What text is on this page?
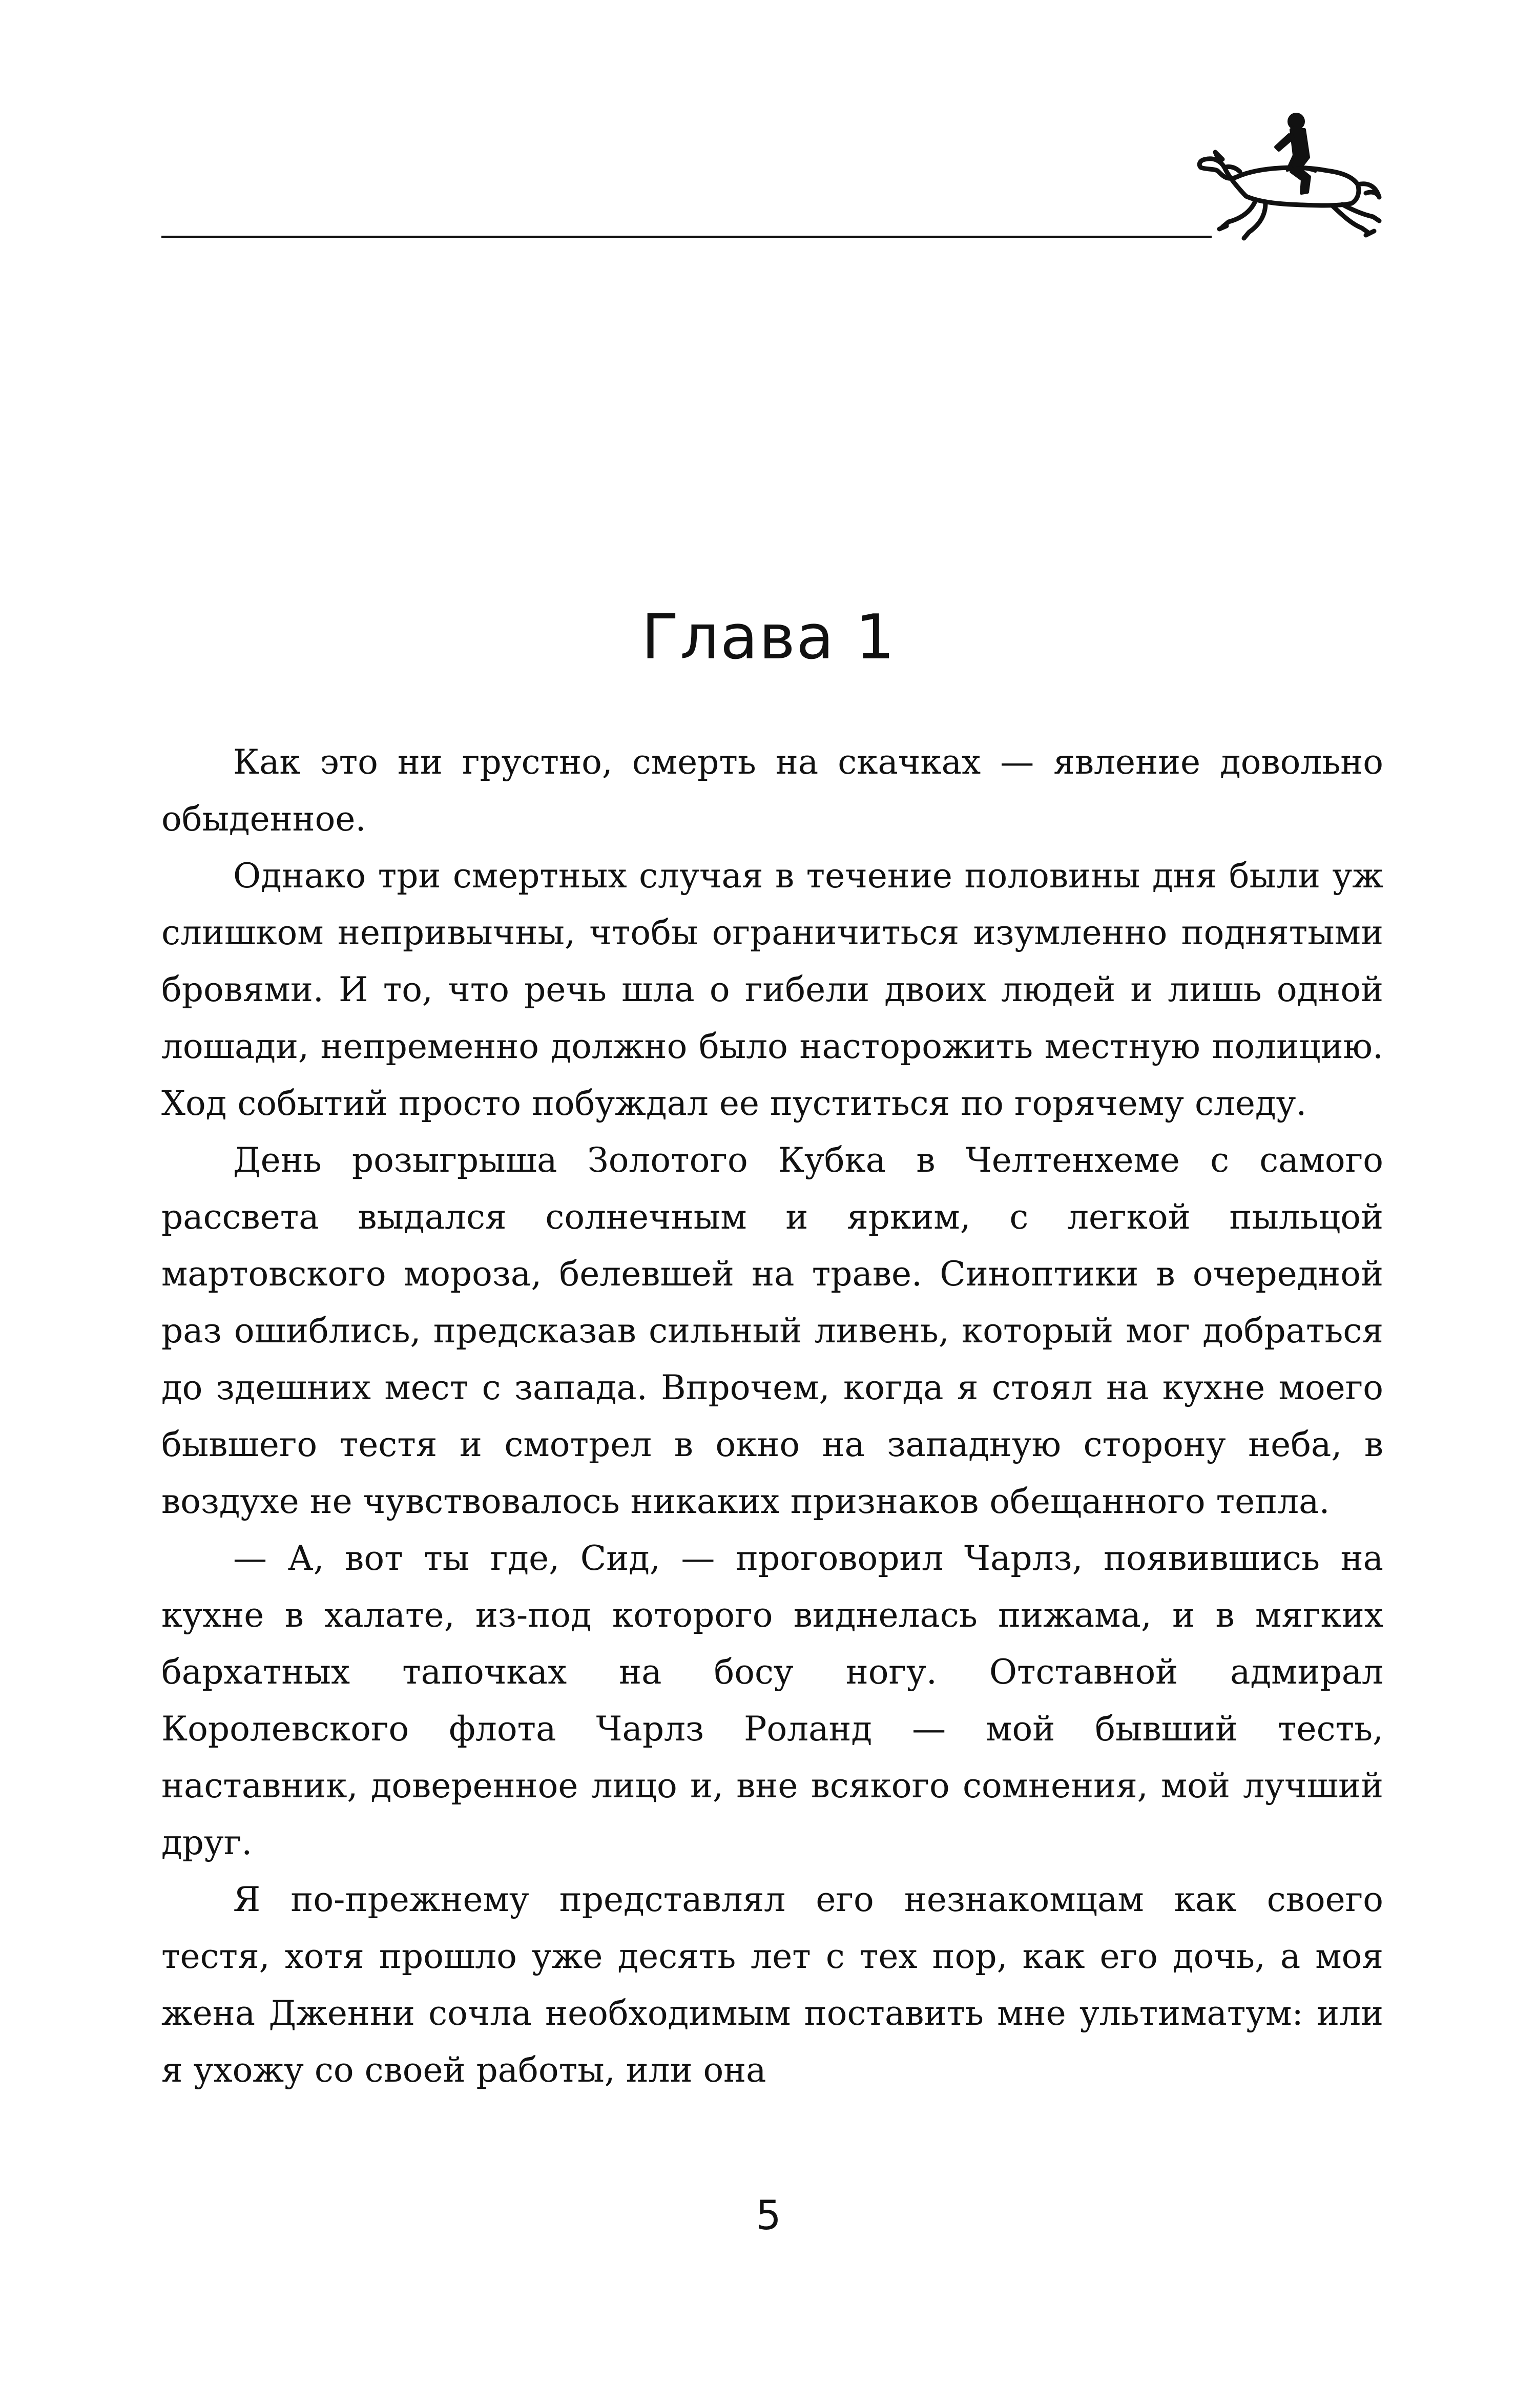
Глава 1

Как это ни грустно, смерть на скачках — явление довольно обыденное.

Однако три смертных случая в течение половины дня были уж слишком непривычны, чтобы ограничиться изумленно поднятыми бровями. И то, что речь шла о гибели двоих людей и лишь одной лошади, непременно должно было насторожить местную полицию. Ход событий просто побуждал ее пуститься по горячему следу.

День розыгрыша Золотого Кубка в Челтенхеме с самого рассвета выдался солнечным и ярким, с легкой пыльцой мартовского мороза, белевшей на траве. Синоптики в очередной раз ошиблись, предсказав сильный ливень, который мог добраться до здешних мест с запада. Впрочем, когда я стоял на кухне моего бывшего тестя и смотрел в окно на западную сторону неба, в воздухе не чувствовалось никаких признаков обещанного тепла.

— А, вот ты где, Сид, — проговорил Чарлз, появившись на кухне в халате, из-под которого виднелась пижама, и в мягких бархатных тапочках на босу ногу. Отставной адмирал Королевского флота Чарлз Роланд — мой бывший тесть, наставник, доверенное лицо и, вне всякого сомнения, мой лучший друг.

Я по-прежнему представлял его незнакомцам как своего тестя, хотя прошло уже десять лет с тех пор, как его дочь, а моя жена Дженни сочла необходимым поставить мне ультиматум: или я ухожу со своей работы, или она

5
